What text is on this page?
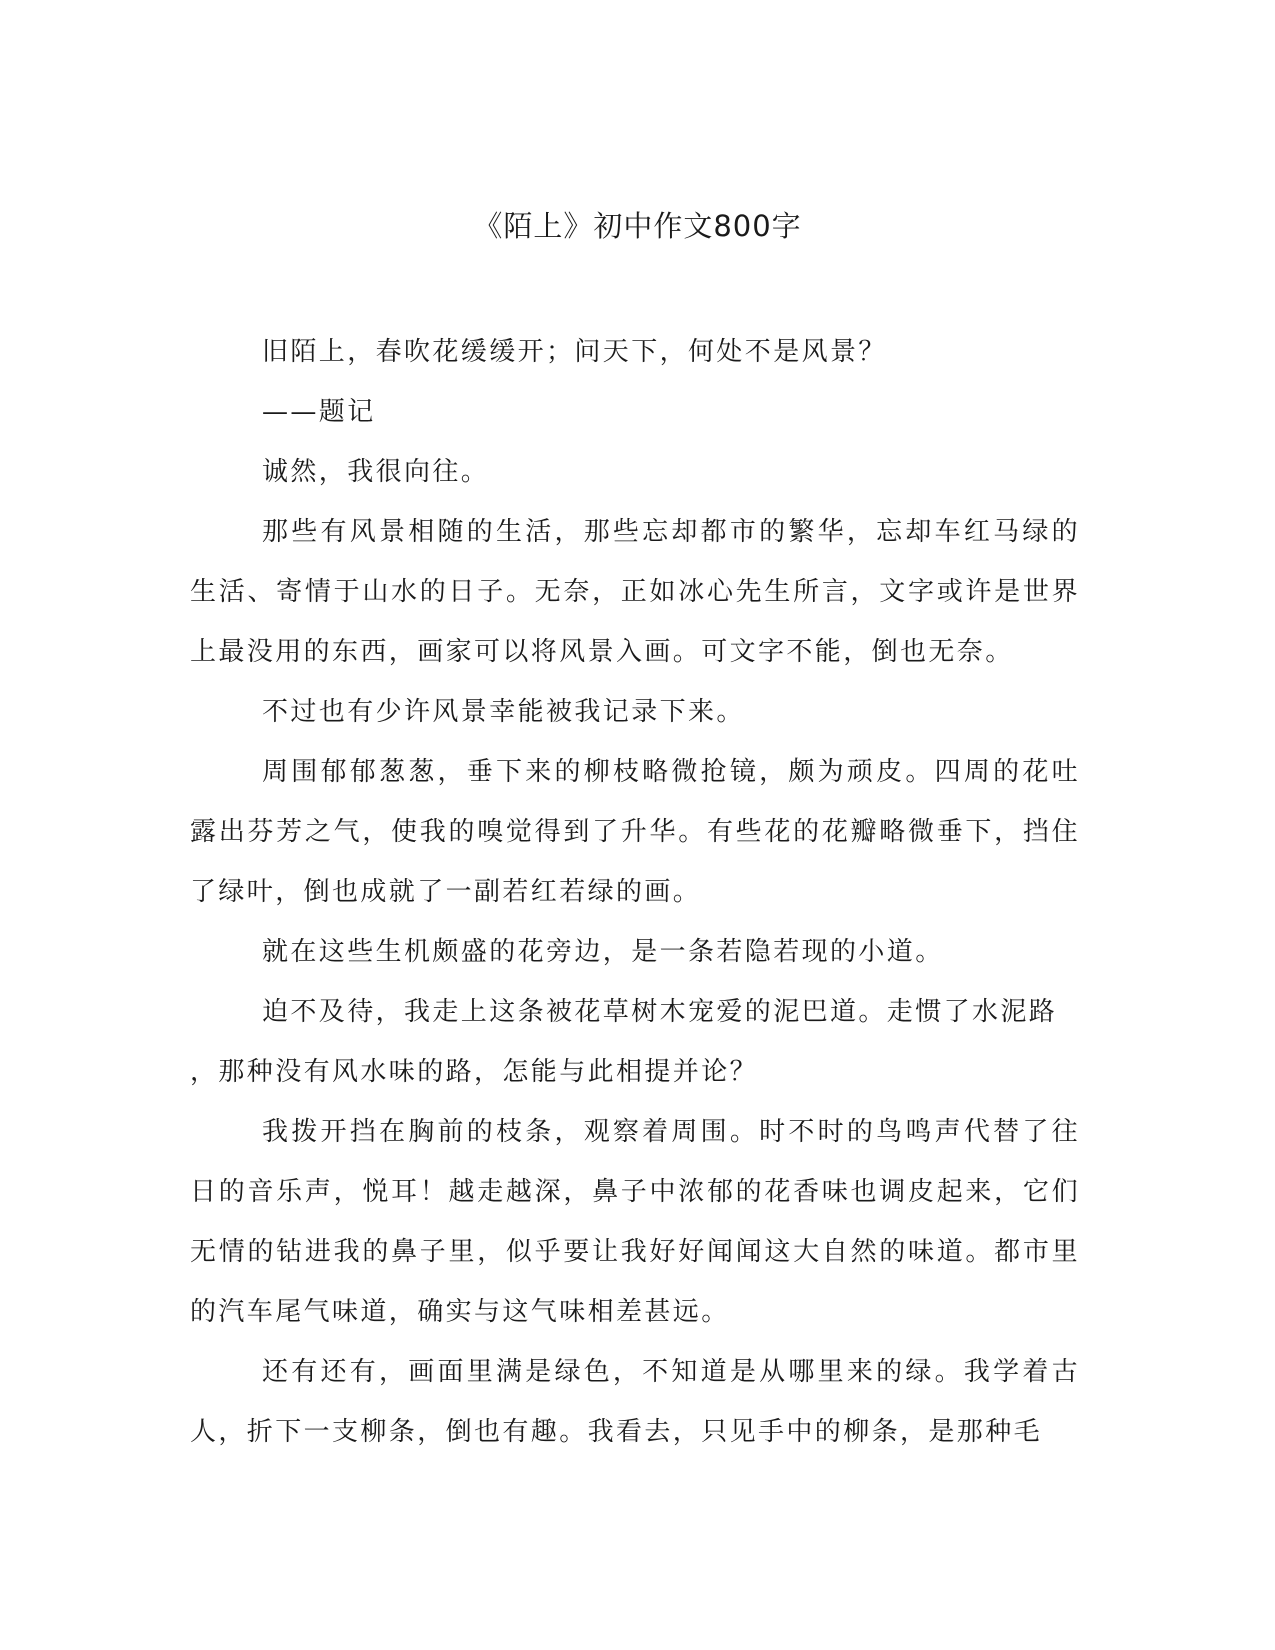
《陌上》初中作文800字

旧陌上，春吹花缓缓开；问天下，何处不是风景？

——题记

诚然，我很向往。

那些有风景相随的生活，那些忘却都市的繁华，忘却车红马绿的生活、寄情于山水的日子。无奈，正如冰心先生所言，文字或许是世界上最没用的东西，画家可以将风景入画。可文字不能，倒也无奈。

不过也有少许风景幸能被我记录下来。

周围郁郁葱葱，垂下来的柳枝略微抢镜，颇为顽皮。四周的花吐露出芬芳之气，使我的嗅觉得到了升华。有些花的花瓣略微垂下，挡住了绿叶，倒也成就了一副若红若绿的画。

就在这些生机颇盛的花旁边，是一条若隐若现的小道。

迫不及待，我走上这条被花草树木宠爱的泥巴道。走惯了水泥路

，那种没有风水味的路，怎能与此相提并论？

我拨开挡在胸前的枝条，观察着周围。时不时的鸟鸣声代替了往日的音乐声，悦耳！越走越深，鼻子中浓郁的花香味也调皮起来，它们无情的钻进我的鼻子里，似乎要让我好好闻闻这大自然的味道。都市里的汽车尾气味道，确实与这气味相差甚远。

还有还有，画面里满是绿色，不知道是从哪里来的绿。我学着古人，折下一支柳条，倒也有趣。我看去，只见手中的柳条，是那种毛
